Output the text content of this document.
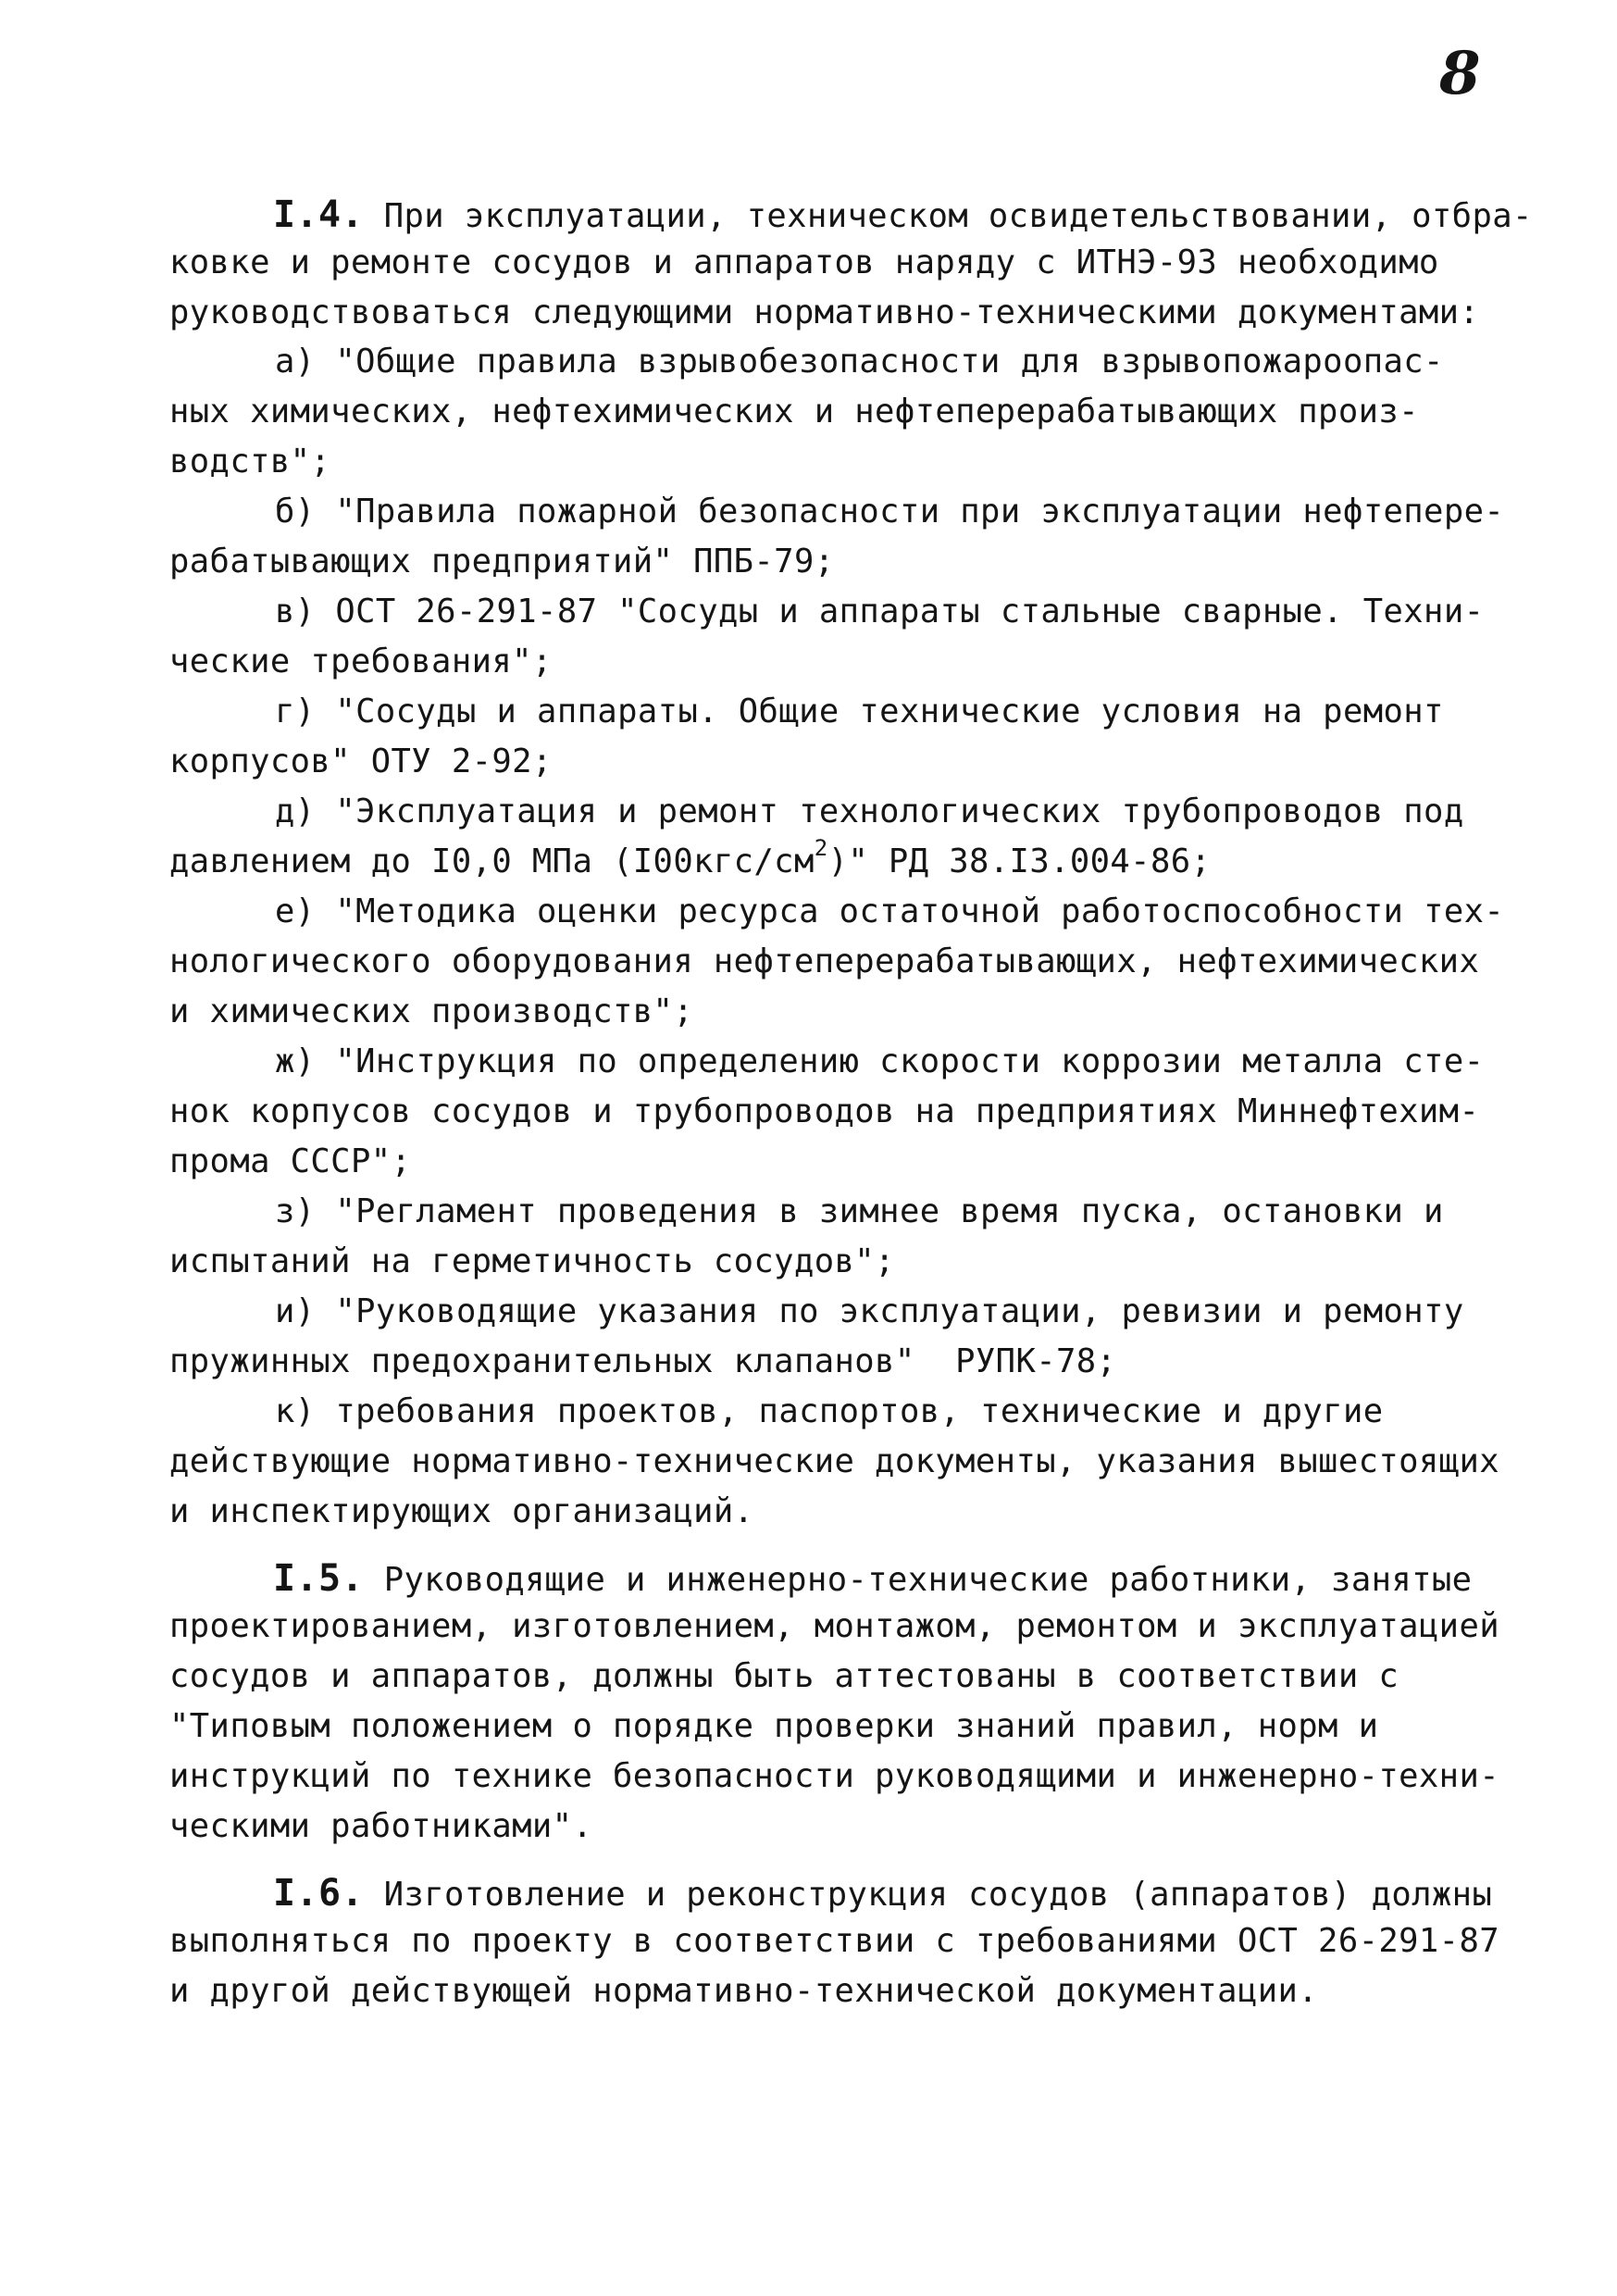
8
I.4. При эксплуатации, техническом освидетельствовании, отбра-
ковке и ремонте сосудов и аппаратов наряду с ИТНЭ-93 необходимо
руководствоваться следующими нормативно-техническими документами:
а) "Общие правила взрывобезопасности для взрывопожароопас-
ных химических, нефтехимических и нефтеперерабатывающих произ-
водств";
б) "Правила пожарной безопасности при эксплуатации нефтепере-
рабатывающих предприятий" ППБ-79;
в) ОСТ 26-291-87 "Сосуды и аппараты стальные сварные. Техни-
ческие требования";
г) "Сосуды и аппараты. Общие технические условия на ремонт
корпусов" ОТУ 2-92;
д) "Эксплуатация и ремонт технологических трубопроводов под
давлением до I0,0 МПа $(I00кгс/см^2)$" РД 38.I3.004-86;
е) "Методика оценки ресурса остаточной работоспособности тех-
нологического оборудования нефтеперерабатывающих, нефтехимических
и химических производств";
ж) "Инструкция по определению скорости коррозии металла сте-
нок корпусов сосудов и трубопроводов на предприятиях Миннефтехим-
прома СССР";
з) "Регламент проведения в зимнее время пуска, остановки и
испытаний на герметичность сосудов";
и) "Руководящие указания по эксплуатации, ревизии и ремонту
пружинных предохранительных клапанов"  РУПК-78;
к) требования проектов, паспортов, технические и другие
действующие нормативно-технические документы, указания вышестоящих
и инспектирующих организаций.
I.5. Руководящие и инженерно-технические работники, занятые
проектированием, изготовлением, монтажом, ремонтом и эксплуатацией
сосудов и аппаратов, должны быть аттестованы в соответствии с
"Типовым положением о порядке проверки знаний правил, норм и
инструкций по технике безопасности руководящими и инженерно-техни-
ческими работниками".
I.6. Изготовление и реконструкция сосудов (аппаратов) должны
выполняться по проекту в соответствии с требованиями ОСТ 26-291-87
и другой действующей нормативно-технической документации.
